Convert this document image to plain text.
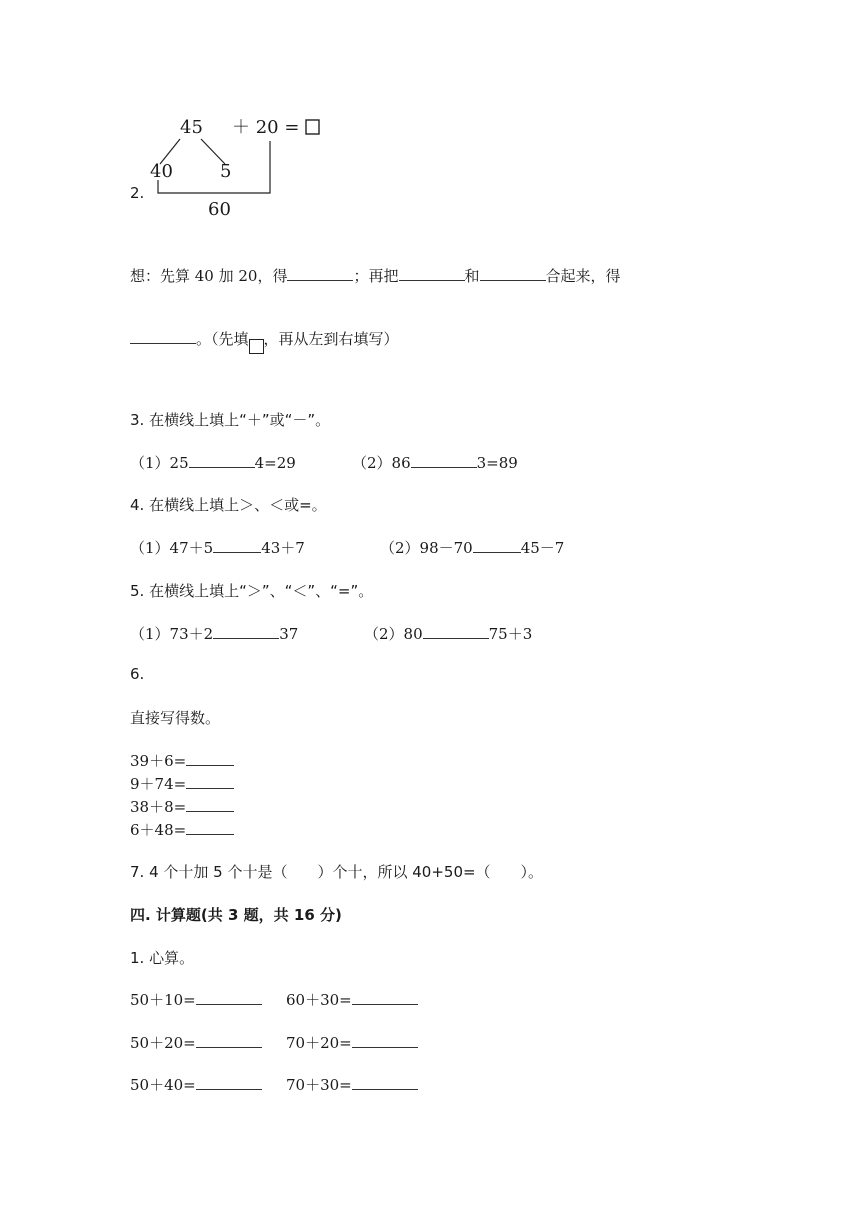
45 ＋ 20 =
40	5
60
2.
想：先算 40 加 20，得	；再把	和	合起来，得
。（先填 ，再从左到右填写）
3. 在横线上填上“＋”或“－”。
（1）25	4=29	（2）86	3=89
4. 在横线上填上＞、＜或=。
（1）47＋5	43＋7	（2）98－70	45－7
5. 在横线上填上“＞”、“＜”、“=”。
（1）73＋2	37	（2）80	75＋3
6.
直接写得数。
39＋6=
9＋74=
38＋8=
6＋48=
7. 4 个十加 5 个十是（　　）个十，所以 40+50=（　　）。
四. 计算题(共 3 题，共 16 分)
1. 心算。
50＋10=	60＋30=
50＋20=	70＋20=
50＋40=	70＋30=
